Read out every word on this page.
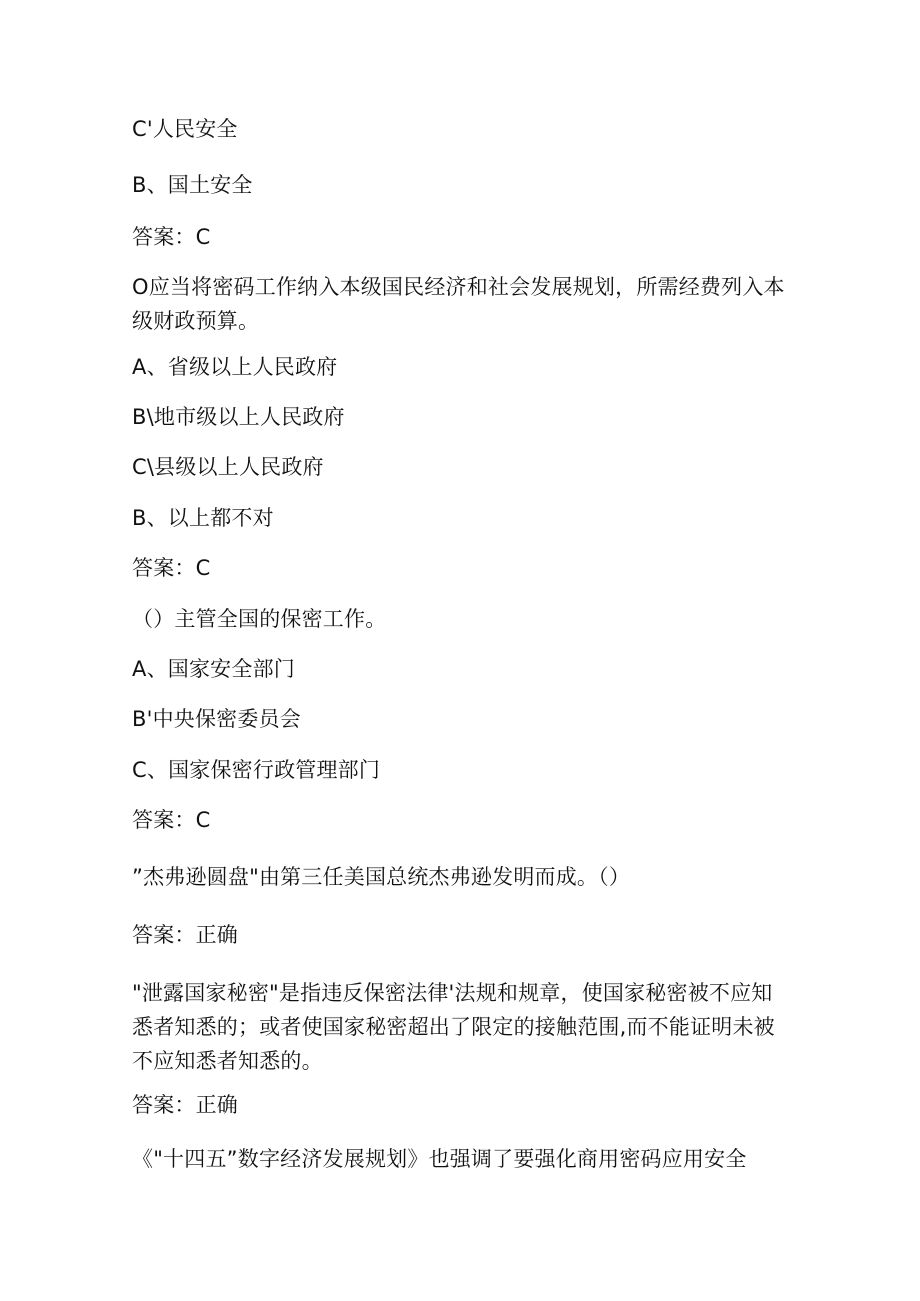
C'人民安全
B、国土安全
答案：C
O应当将密码工作纳入本级国民经济和社会发展规划，所需经费列入本级财政预算。
A、省级以上人民政府
B\地市级以上人民政府
C\县级以上人民政府
B、以上都不对
答案：C
（）主管全国的保密工作。
A、国家安全部门
B'中央保密委员会
C、国家保密行政管理部门
答案：C
”杰弗逊圆盘"由第三任美国总统杰弗逊发明而成。（）
答案：正确
"泄露国家秘密"是指违反保密法律'法规和规章，使国家秘密被不应知悉者知悉的；或者使国家秘密超出了限定的接触范围,而不能证明未被不应知悉者知悉的。
答案：正确
《"十四五”数字经济发展规划》也强调了要强化商用密码应用安全
